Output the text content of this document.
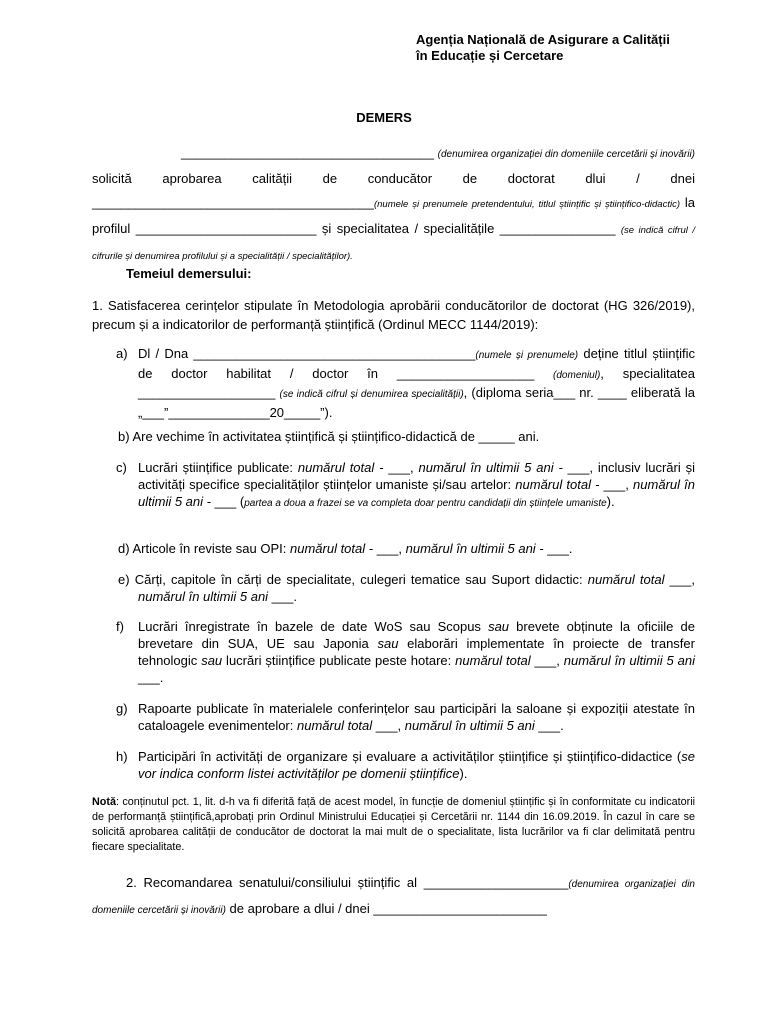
Agenția Națională de Asigurare a Calității
în Educație și Cercetare
DEMERS
___________________________________ (denumirea organizației din domeniile cercetării și inovării)
solicită aprobarea calității de conducător de doctorat dlui / dnei
_______________________________________(numele și prenumele pretendentului, titlul științific și științifico-didactic) la profilul _________________________ și specialitatea / specialitățile ________________ (se indică cifrul / cifrurile și denumirea profilului și a specialității / specialităților).
Temeiul demersului:
1. Satisfacerea cerințelor stipulate în Metodologia aprobării conducătorilor de doctorat (HG 326/2019), precum și a indicatorilor de performanță științifică (Ordinul MECC 1144/2019):
a) Dl / Dna _______________________________________(numele și prenumele) deține titlul științific de doctor habilitat / doctor în ___________________ (domeniul), specialitatea ___________________ (se indică cifrul și denumirea specialității), (diploma seria___ nr. ____ eliberată la „___”______________20_____”).
b) Are vechime în activitatea științifică și științifico-didactică de _____ ani.
c) Lucrări științifice publicate: numărul total - ___, numărul în ultimii 5 ani - ___, inclusiv lucrări și activități specifice specialităților științelor umaniste și/sau artelor: numărul total - ___, numărul în ultimii 5 ani - ___ (partea a doua a frazei se va completa doar pentru candidații din științele umaniste).
d) Articole în reviste sau OPI: numărul total - ___, numărul în ultimii 5 ani - ___.
e) Cărți, capitole în cărți de specialitate, culegeri tematice sau Suport didactic: numărul total ___, numărul în ultimii 5 ani ___.
f) Lucrări înregistrate în bazele de date WoS sau Scopus sau brevete obținute la oficiile de brevetare din SUA, UE sau Japonia sau elaborări implementate în proiecte de transfer tehnologic sau lucrări științifice publicate peste hotare: numărul total ___, numărul în ultimii 5 ani ___.
g) Rapoarte publicate în materialele conferințelor sau participări la saloane și expoziții atestate în cataloagele evenimentelor: numărul total ___, numărul în ultimii 5 ani ___.
h) Participări în activități de organizare și evaluare a activităților științifice și științifico-didactice (se vor indica conform listei activităților pe domenii științifice).
Notă: conținutul pct. 1, lit. d-h va fi diferită față de acest model, în funcție de domeniul științific și în conformitate cu indicatorii de performanță științifică,aprobați prin Ordinul Ministrului Educației și Cercetării nr. 1144 din 16.09.2019. În cazul în care se solicită aprobarea calității de conducător de doctorat la mai mult de o specialitate, lista lucrărilor va fi clar delimitată pentru fiecare specialitate.
2. Recomandarea senatului/consiliului științific al ____________________(denumirea organizației din domeniile cercetării și inovării) de aprobare a dlui / dnei ________________________
